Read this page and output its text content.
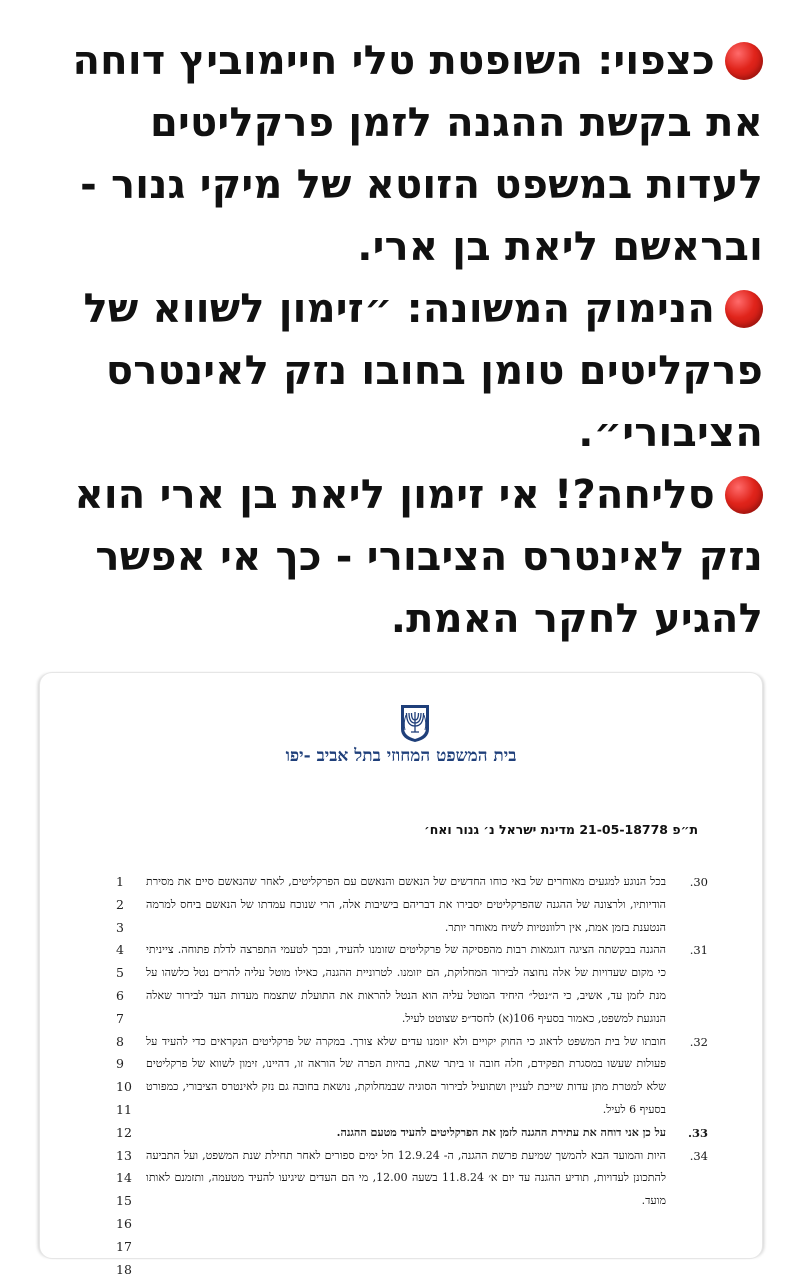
כצפוי: השופטת טלי חיימוביץ דוחה את בקשת ההגנה לזמן פרקליטים לעדות במשפט הזוטא של מיקי גנור - ובראשם ליאת בן ארי.

הנימוק המשונה: ״זימון לשווא של פרקליטים טומן בחובו נזק לאינטרס הציבורי״.

סליחה?! אי זימון ליאת בן ארי הוא נזק לאינטרס הציבורי - כך אי אפשר להגיע לחקר האמת.

בית המשפט המחוזי בתל אביב -יפו
ת״פ 21-05-18778 מדינת ישראל נ׳ גנור ואח׳
1
2
3
4
5
6
7
8
9
10
11
12
13
14
15
16
17
18

.30
בכל הנוגע למגעים מאוחרים של באי כוחו החדשים של הנאשם והנאשם עם הפרקליטים, לאחר שהנאשם סיים את מסירת הודיותיו, ולרצונה של ההגנה שהפרקליטים יסבירו את דבריהם בישיבות אלה, הרי שנוכח עמדתו של הנאשם ביחס למרמה הנטענת בזמן אמת, אין רלוונטיות לשיח מאוחר יותר.

.31
ההגנה בבקשתה הציגה דוגמאות רבות מהפסיקה של פרקליטים שזומנו להעיד, ובכך לטעמי התפרצה לדלת פתוחה. צייניתי כי מקום שעדויות של אלה נחוצה לבירור המחלוקת, הם יזומנו. לטרוניית ההגנה, כאילו מוטל עליה להרים נטל כלשהו על מנת לזמן עד, אשיב, כי ה״נטל״ היחיד המוטל עליה הוא הנטל להראות את התועלת שתצמח מעדות העד לבירור שאלה הנוגעת למשפט, כאמור בסעיף 106(א) לחסד״פ שצוטט לעיל.

.32
חובתו של בית המשפט לדאוג כי החוק יקויים ולא יזומנו עדים שלא צורך. במקרה של פרקליטים הנקראים כדי להעיד על פעולות שעשו במסגרת תפקידם, חלה חובה זו ביתר שאת, בהיות הפרה של הוראה זו, דהיינו, זימון לשווא של פרקליטים שלא למטרת מתן עדות שייכת לעניין ושתועיל לבירור הסוגיה שבמחלוקת, נושאת בחובה גם נזק לאינטרס הציבורי, כמפורט בסעיף 6 לעיל.

.33
על כן אני דוחה את עתירת ההגנה לזמן את הפרקליטים להעיד מטעם ההגנה.

.34
היות והמועד הבא להמשך שמיעת פרשת ההגנה, ה- 12.9.24 חל ימים ספורים לאחר תחילת שנת המשפט, ועל התביעה להתכונן לעדויות, תודיע ההגנה עד יום א׳ 11.8.24 בשעה 12.00, מי הם העדים שיגיעו להעיד מטעמה, ותזמנם לאותו מועד.
